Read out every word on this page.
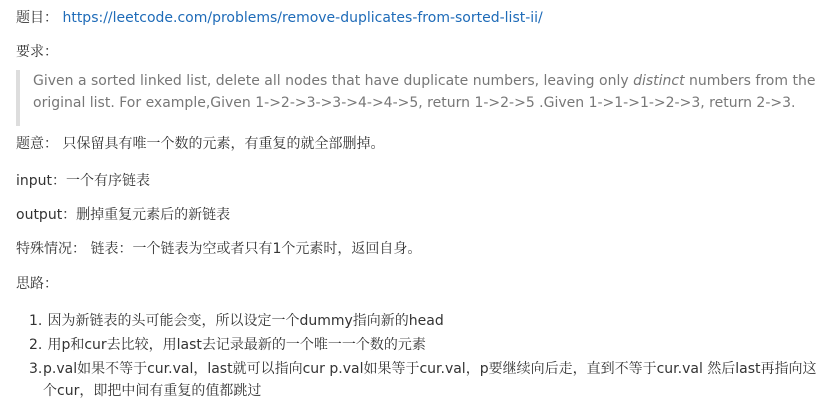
题目： https://leetcode.com/problems/remove-duplicates-from-sorted-list-ii/
要求：
Given a sorted linked list, delete all nodes that have duplicate numbers, leaving only distinct numbers from the
original list. For example,Given 1->2->3->3->4->4->5, return 1->2->5 .Given 1->1->1->2->3, return 2->3.
题意： 只保留具有唯一个数的元素，有重复的就全部删掉。
input：一个有序链表
output：删掉重复元素后的新链表
特殊情况： 链表：一个链表为空或者只有1个元素时，返回自身。
思路：
1. 因为新链表的头可能会变，所以设定一个dummy指向新的head
2. 用p和cur去比较，用last去记录最新的一个唯一一个数的元素
3.p.val如果不等于cur.val，last就可以指向cur p.val如果等于cur.val，p要继续向后走，直到不等于cur.val 然后last再指向这
个cur，即把中间有重复的值都跳过
